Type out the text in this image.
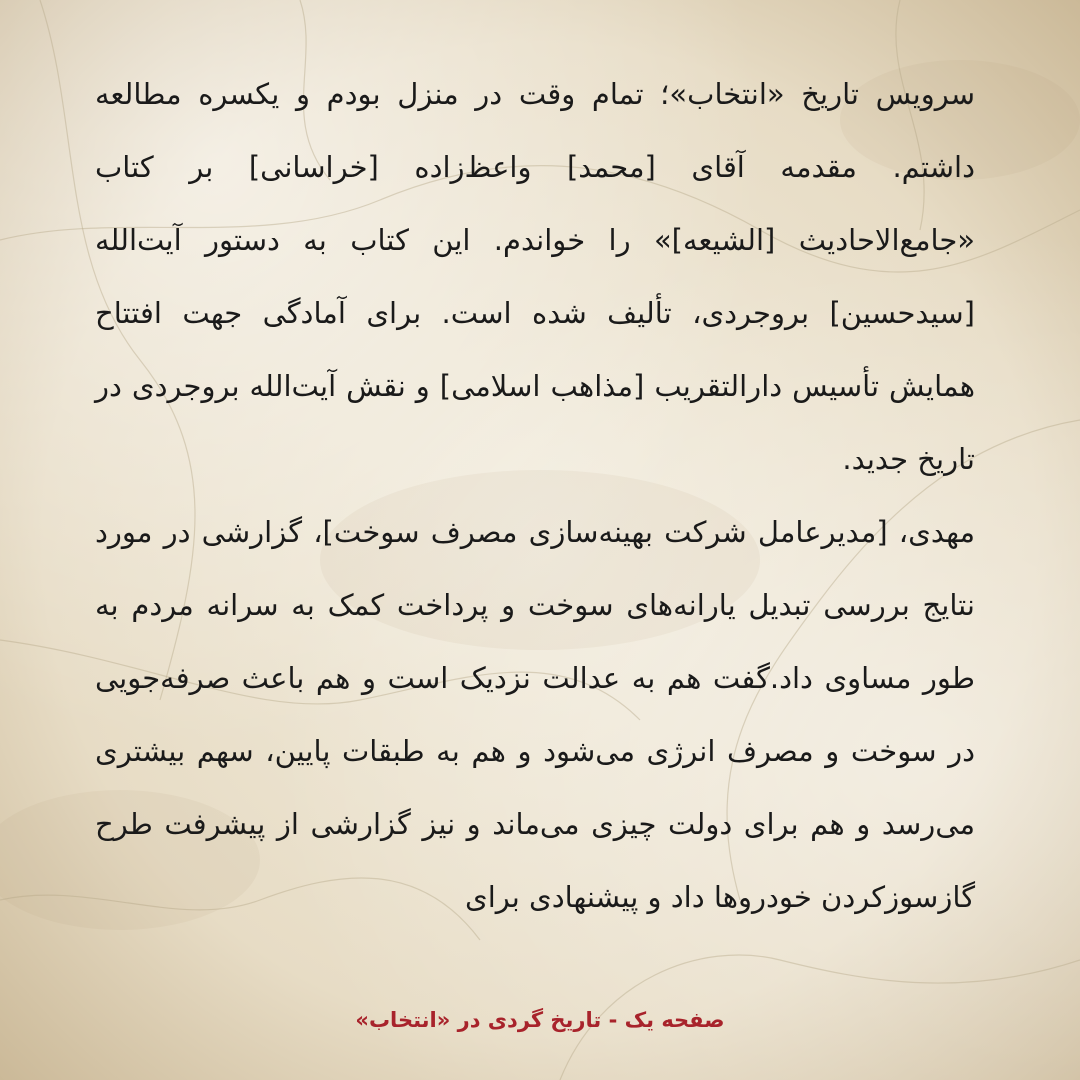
سرویس تاریخ «انتخاب»؛ تمام وقت در منزل بودم و یکسره مطالعه داشتم. مقدمه آقای [محمد] واعظ‌زاده [خراسانی] بر کتاب «جامع‌الاحادیث [الشیعه]» را خواندم. این کتاب به دستور آیت‌الله [سیدحسین] بروجردی، تألیف شده است. برای آمادگی جهت افتتاح همایش تأسیس دارالتقریب [مذاهب اسلامی] و نقش آیت‌الله بروجردی در تاریخ جدید.

مهدی، [مدیرعامل شرکت بهینه‌سازی مصرف سوخت]، گزارشی در مورد نتایج بررسی تبدیل یارانه‌های سوخت و پرداخت کمک به سرانه مردم به طور مساوی داد.گفت هم به عدالت نزدیک است و هم باعث صرفه‌جویی در سوخت و مصرف انرژی می‌شود و هم به طبقات پایین، سهم بیشتری می‌رسد و هم برای دولت چیزی می‌ماند و نیز گزارشی از پیشرفت طرح گازسوزکردن خودروها داد و پیشنهادی برای

صفحه یک - تاریخ گردی در «انتخاب»
